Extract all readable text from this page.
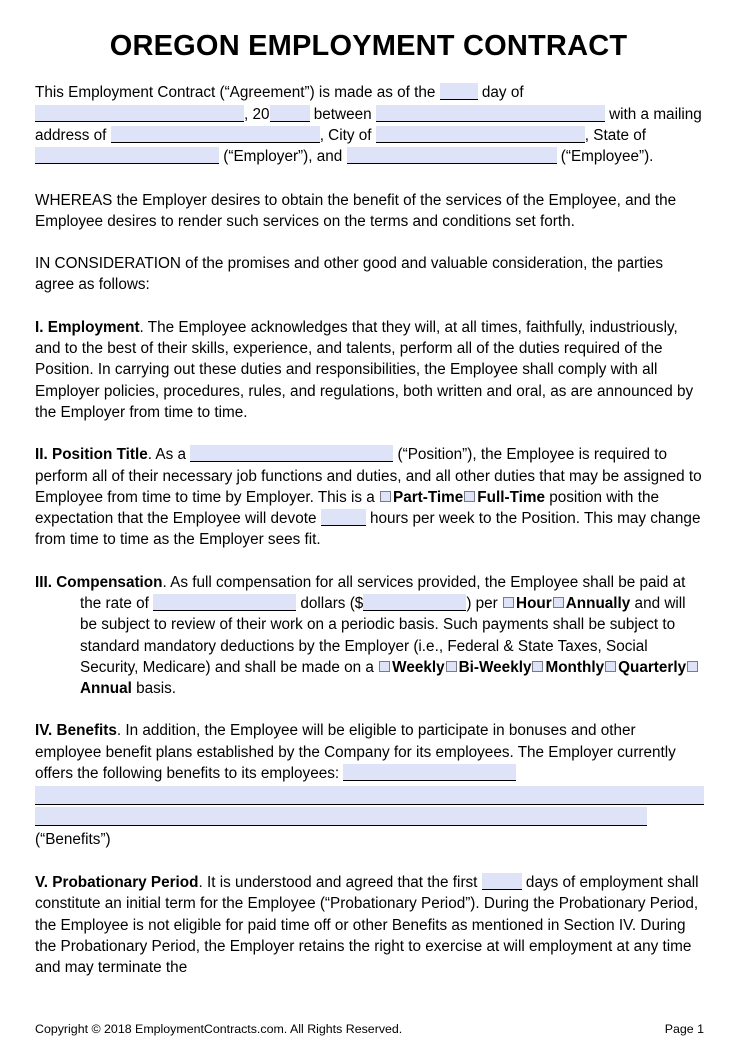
OREGON EMPLOYMENT CONTRACT

This Employment Contract (“Agreement”) is made as of the  day of , 20	between	with a mailing address of	, City of	, State of  (“Employer”), and	(“Employee”).

WHEREAS the Employer desires to obtain the benefit of the services of the Employee, and the Employee desires to render such services on the terms and conditions set forth.

IN CONSIDERATION of the promises and other good and valuable consideration, the parties agree as follows:

I. Employment. The Employee acknowledges that they will, at all times, faithfully, industriously, and to the best of their skills, experience, and talents, perform all of the duties required of the Position. In carrying out these duties and responsibilities, the Employee shall comply with all Employer policies, procedures, rules, and regulations, both written and oral, as are announced by the Employer from time to time.

II. Position Title. As a	(“Position”), the Employee is required to perform all of their necessary job functions and duties, and all other duties that may be assigned to Employee from time to time by Employer. This is a Part-Time Full-Time position with the expectation that the Employee will devote	hours per week to the Position. This may change from time to time as the Employer sees fit.

III. Compensation. As full compensation for all services provided, the Employee shall be paid at the rate of	dollars ($	) per Hour Annually and will be subject to review of their work on a periodic basis. Such payments shall be subject to standard mandatory deductions by the Employer (i.e., Federal & State Taxes, Social Security, Medicare) and shall be made on a Weekly Bi-Weekly Monthly QuarterlyAnnual basis.

IV. Benefits. In addition, the Employee will be eligible to participate in bonuses and other employee benefit plans established by the Company for its employees. The Employer currently offers the following benefits to its employees:

(“Benefits”)

V. Probationary Period. It is understood and agreed that the first	days of employment shall constitute an initial term for the Employee (“Probationary Period”). During the Probationary Period, the Employee is not eligible for paid time off or other Benefits as mentioned in Section IV. During the Probationary Period, the Employer retains the right to exercise at will employment at any time and may terminate the

Copyright © 2018 EmploymentContracts.com. All Rights Reserved.	Page 1
